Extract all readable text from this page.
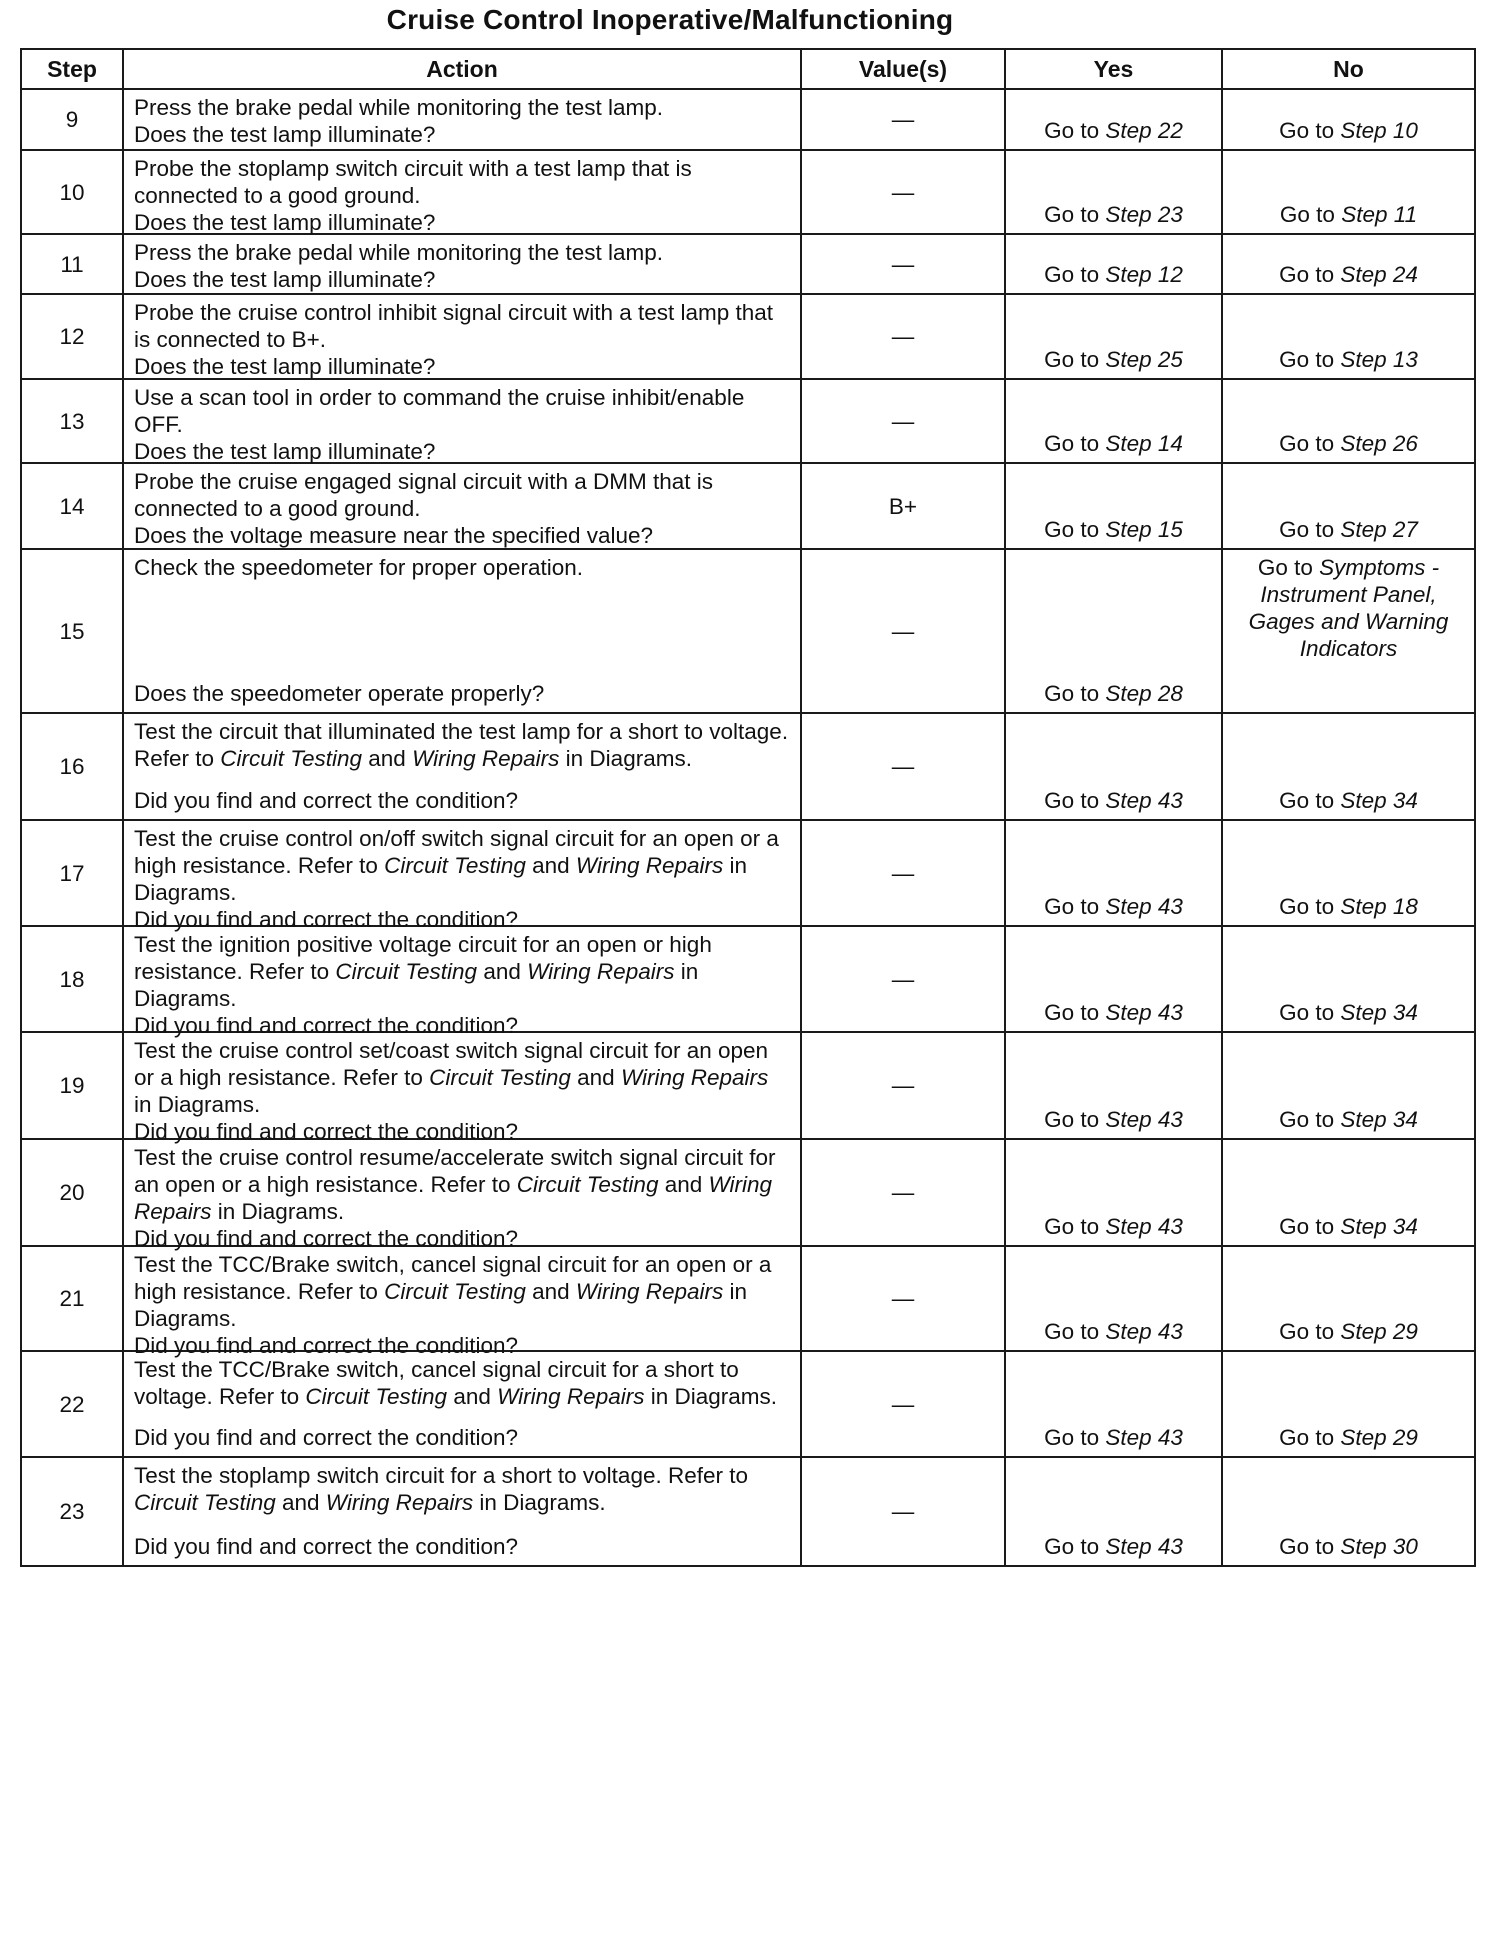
Cruise Control Inoperative/Malfunctioning
Step	Action	Value(s)	Yes	No
9	Press the brake pedal while monitoring the test lamp.

Does the test lamp illuminate?	—	Go to Step 22	Go to Step 10
10	Probe the stoplamp switch circuit with a test lamp that is connected to a good ground.

Does the test lamp illuminate?	—	Go to Step 23	Go to Step 11
11	Press the brake pedal while monitoring the test lamp.

Does the test lamp illuminate?	—	Go to Step 12	Go to Step 24
12	Probe the cruise control inhibit signal circuit with a test lamp that is connected to B+.

Does the test lamp illuminate?	—	Go to Step 25	Go to Step 13
13	Use a scan tool in order to command the cruise inhibit/enable OFF.

Does the test lamp illuminate?	—	Go to Step 14	Go to Step 26
14	Probe the cruise engaged signal circuit with a DMM that is connected to a good ground.

Does the voltage measure near the specified value?	B+	Go to Step 15	Go to Step 27
15	Check the speedometer for proper operation.

Does the speedometer operate properly?	—	Go to Step 28	Go to Symptoms - Instrument Panel, Gages and Warning Indicators
16	Test the circuit that illuminated the test lamp for a short to voltage. Refer to Circuit Testing and Wiring Repairs in Diagrams.

Did you find and correct the condition?	—	Go to Step 43	Go to Step 34
17	Test the cruise control on/off switch signal circuit for an open or a high resistance. Refer to Circuit Testing and Wiring Repairs in Diagrams.

Did you find and correct the condition?	—	Go to Step 43	Go to Step 18
18	Test the ignition positive voltage circuit for an open or high resistance. Refer to Circuit Testing and Wiring Repairs in Diagrams.

Did you find and correct the condition?	—	Go to Step 43	Go to Step 34
19	Test the cruise control set/coast switch signal circuit for an open or a high resistance. Refer to Circuit Testing and Wiring Repairs in Diagrams.

Did you find and correct the condition?	—	Go to Step 43	Go to Step 34
20	Test the cruise control resume/accelerate switch signal circuit for an open or a high resistance. Refer to Circuit Testing and Wiring Repairs in Diagrams.

Did you find and correct the condition?	—	Go to Step 43	Go to Step 34
21	Test the TCC/Brake switch, cancel signal circuit for an open or a high resistance. Refer to Circuit Testing and Wiring Repairs in Diagrams.

Did you find and correct the condition?	—	Go to Step 43	Go to Step 29
22	Test the TCC/Brake switch, cancel signal circuit for a short to voltage. Refer to Circuit Testing and Wiring Repairs in Diagrams.

Did you find and correct the condition?	—	Go to Step 43	Go to Step 29
23	Test the stoplamp switch circuit for a short to voltage. Refer to Circuit Testing and Wiring Repairs in Diagrams.

Did you find and correct the condition?	—	Go to Step 43	Go to Step 30
